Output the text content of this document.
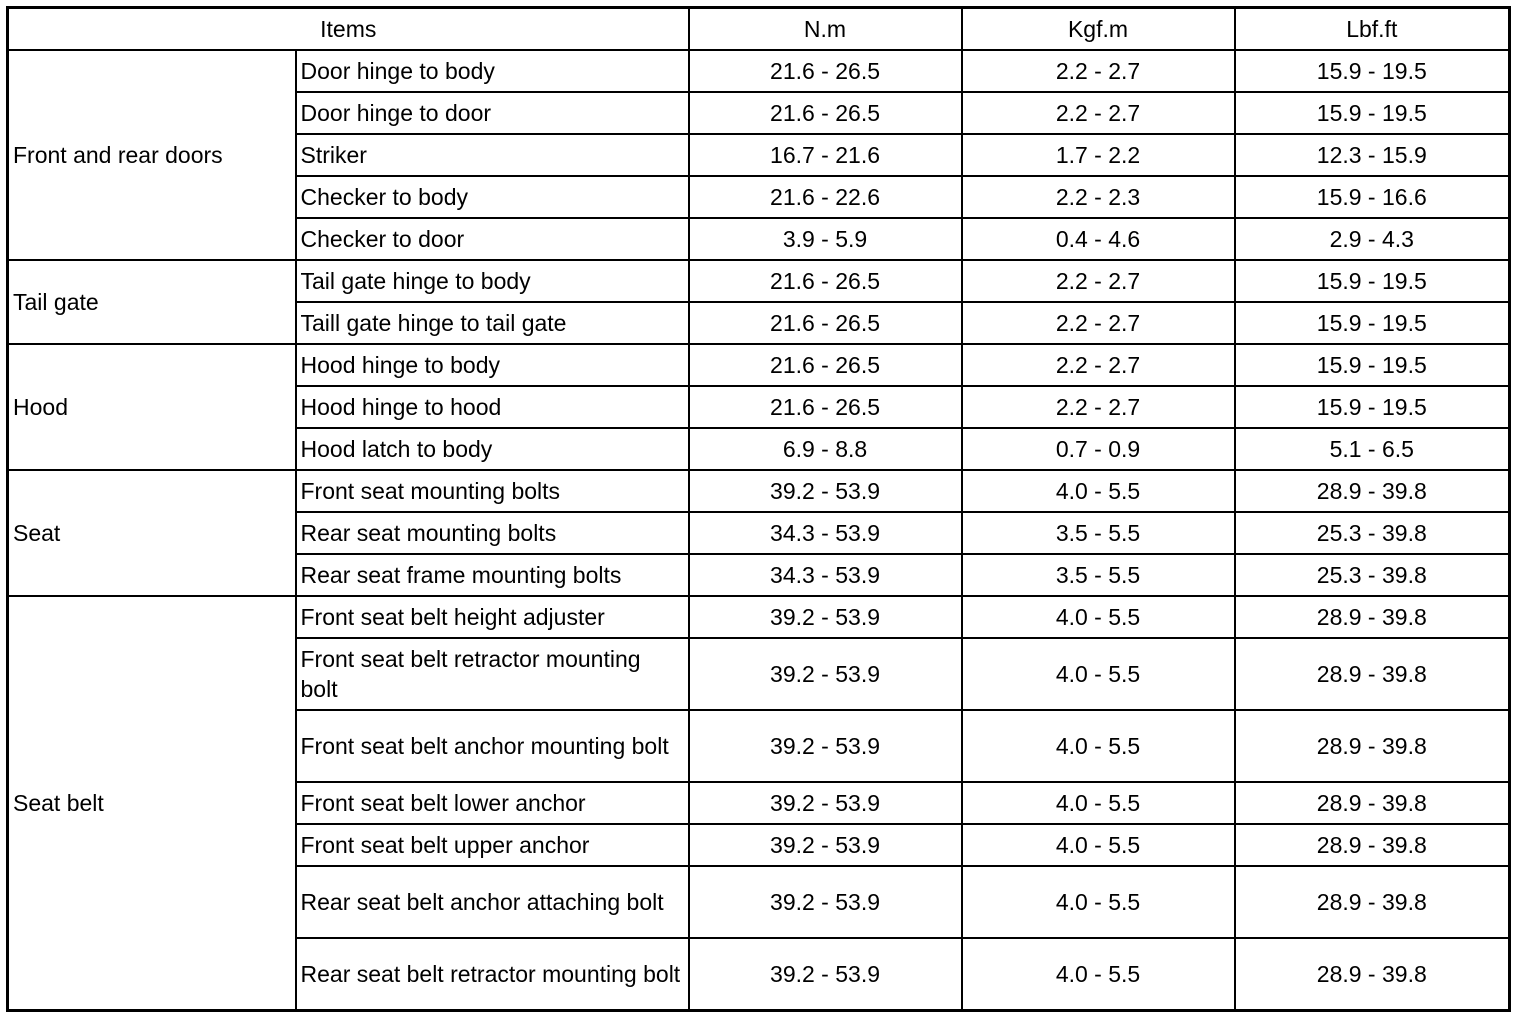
Items		N.m	Kgf.m	Lbf.ft
Front and rear doors	Door hinge to body	21.6 - 26.5	2.2 - 2.7	15.9 - 19.5
	Door hinge to door	21.6 - 26.5	2.2 - 2.7	15.9 - 19.5
	Striker	16.7 - 21.6	1.7 - 2.2	12.3 - 15.9
	Checker to body	21.6 - 22.6	2.2 - 2.3	15.9 - 16.6
	Checker to door	3.9 - 5.9	0.4 - 4.6	2.9 - 4.3
Tail gate	Tail gate hinge to body	21.6 - 26.5	2.2 - 2.7	15.9 - 19.5
	Taill gate hinge to tail gate	21.6 - 26.5	2.2 - 2.7	15.9 - 19.5
Hood	Hood hinge to body	21.6 - 26.5	2.2 - 2.7	15.9 - 19.5
	Hood hinge to hood	21.6 - 26.5	2.2 - 2.7	15.9 - 19.5
	Hood latch to body	6.9 - 8.8	0.7 - 0.9	5.1 - 6.5
Seat	Front seat mounting bolts	39.2 - 53.9	4.0 - 5.5	28.9 - 39.8
	Rear seat mounting bolts	34.3 - 53.9	3.5 - 5.5	25.3 - 39.8
	Rear seat frame mounting bolts	34.3 - 53.9	3.5 - 5.5	25.3 - 39.8
Seat belt	Front seat belt height adjuster	39.2 - 53.9	4.0 - 5.5	28.9 - 39.8
	Front seat belt retractor mounting bolt	39.2 - 53.9	4.0 - 5.5	28.9 - 39.8
	Front seat belt anchor mounting bolt	39.2 - 53.9	4.0 - 5.5	28.9 - 39.8
	Front seat belt lower anchor	39.2 - 53.9	4.0 - 5.5	28.9 - 39.8
	Front seat belt upper anchor	39.2 - 53.9	4.0 - 5.5	28.9 - 39.8
	Rear seat belt anchor attaching bolt	39.2 - 53.9	4.0 - 5.5	28.9 - 39.8
	Rear seat belt retractor mounting bolt	39.2 - 53.9	4.0 - 5.5	28.9 - 39.8
